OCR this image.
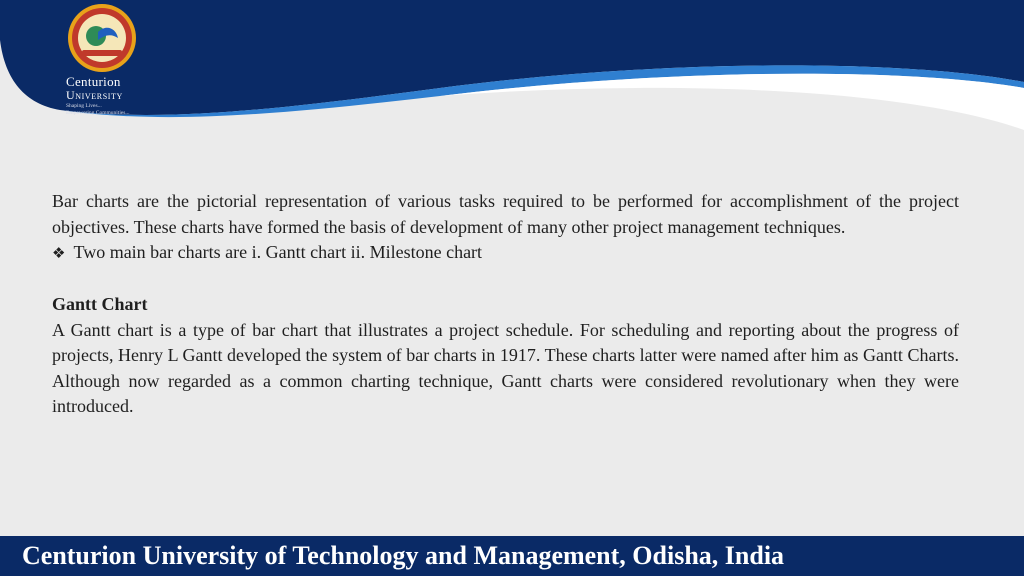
Centurion
University
Shaping Lives...
Empowering Communities...

Bar charts are the pictorial representation of various tasks required to be performed for accomplishment of the project objectives. These charts have formed the basis of development of many other project management techniques.

❖ Two main bar charts are i. Gantt chart ii. Milestone chart

Gantt Chart

A Gantt chart is a type of bar chart that illustrates a project schedule. For scheduling and reporting about the progress of projects, Henry L Gantt developed the system of bar charts in 1917. These charts latter were named after him as Gantt Charts. Although now regarded as a common charting technique, Gantt charts were considered revolutionary when they were introduced.

Centurion University of Technology and Management, Odisha, India
